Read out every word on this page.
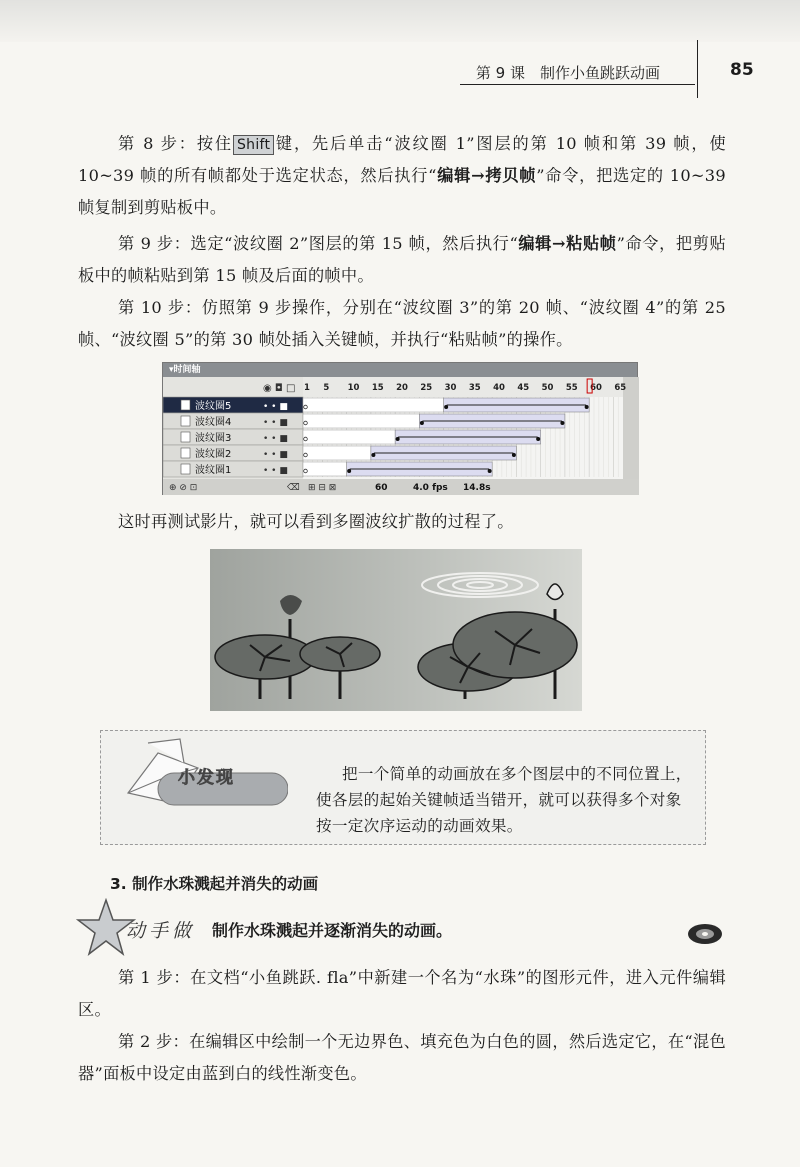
第 9 课　制作小鱼跳跃动画	85

第 8 步：按住 Shift 键，先后单击“波纹圈 1”图层的第 10 帧和第 39 帧，使 10~39 帧的所有帧都处于选定状态，然后执行“编辑→拷贝帧”命令，把选定的 10~39 帧复制到剪贴板中。

第 9 步：选定“波纹圈 2”图层的第 15 帧，然后执行“编辑→粘贴帧”命令，把剪贴板中的帧粘贴到第 15 帧及后面的帧中。

第 10 步：仿照第 9 步操作，分别在“波纹圈 3”的第 20 帧、“波纹圈 4”的第 25 帧、“波纹圈 5”的第 30 帧处插入关键帧，并执行“粘贴帧”的操作。

▾时间轴
◉ ◘ □ 1 5 10 15 20 25 30 35 40 45 50 55 60 65
波纹圈5	• • ■
波纹圈4	• • ■
波纹圈3	• • ■
波纹圈2	• • ■
波纹圈1	• • ■
⊕ ⊘ ⊡	⌫ ⊞ ⊟ ⊠	60	4.0 fps 14.8s

这时再测试影片，就可以看到多圈波纹扩散的过程了。

小发现	把一个简单的动画放在多个图层中的不同位置上，使各层的起始关键帧适当错开，就可以获得多个对象按一定次序运动的动画效果。

3. 制作水珠溅起并消失的动画
动手做 制作水珠溅起并逐渐消失的动画。

第 1 步：在文档“小鱼跳跃. fla”中新建一个名为“水珠”的图形元件，进入元件编辑区。

第 2 步：在编辑区中绘制一个无边界色、填充色为白色的圆，然后选定它，在“混色器”面板中设定由蓝到白的线性渐变色。
